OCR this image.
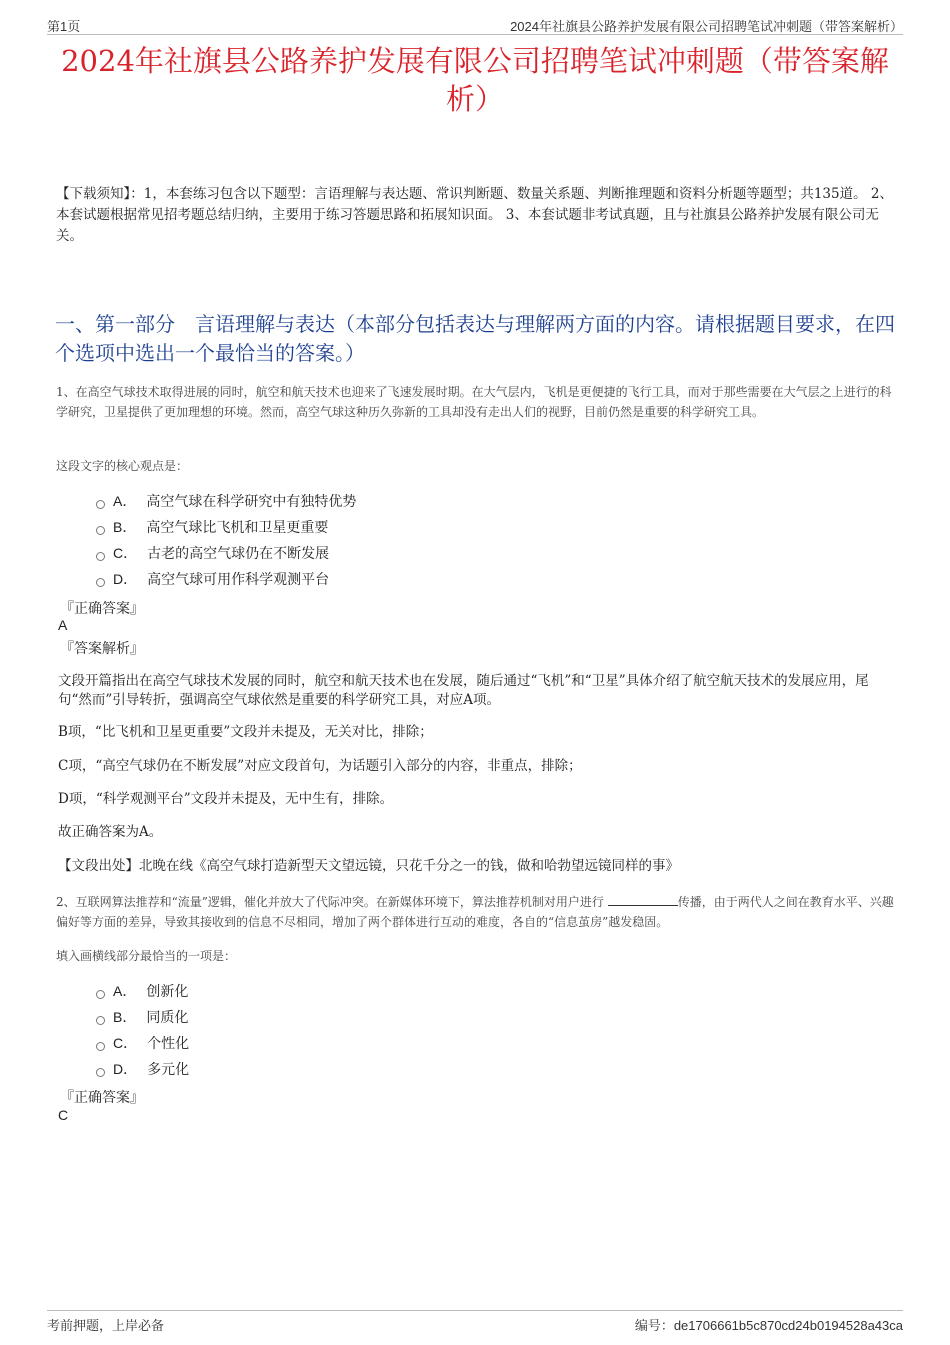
第1页	2024年社旗县公路养护发展有限公司招聘笔试冲刺题（带答案解析）
2024年社旗县公路养护发展有限公司招聘笔试冲刺题（带答案解析）
【下载须知】：1，本套练习包含以下题型：言语理解与表达题、常识判断题、数量关系题、判断推理题和资料分析题等题型；共135道。 2、本套试题根据常见招考题总结归纳，主要用于练习答题思路和拓展知识面。 3、本套试题非考试真题，且与社旗县公路养护发展有限公司无关。
一、第一部分　言语理解与表达（本部分包括表达与理解两方面的内容。请根据题目要求，在四个选项中选出一个最恰当的答案。）
1、在高空气球技术取得进展的同时，航空和航天技术也迎来了飞速发展时期。在大气层内，飞机是更便捷的飞行工具，而对于那些需要在大气层之上进行的科学研究，卫星提供了更加理想的环境。然而，高空气球这种历久弥新的工具却没有走出人们的视野，目前仍然是重要的科学研究工具。
这段文字的核心观点是：
A． 高空气球在科学研究中有独特优势
B． 高空气球比飞机和卫星更重要
C． 古老的高空气球仍在不断发展
D． 高空气球可用作科学观测平台
『正确答案』
A
『答案解析』
文段开篇指出在高空气球技术发展的同时，航空和航天技术也在发展，随后通过“飞机”和“卫星”具体介绍了航空航天技术的发展应用，尾句“然而”引导转折，强调高空气球依然是重要的科学研究工具，对应A项。
B项，“比飞机和卫星更重要”文段并未提及，无关对比，排除；
C项，“高空气球仍在不断发展”对应文段首句，为话题引入部分的内容，非重点，排除；
D项，“科学观测平台”文段并未提及，无中生有，排除。
故正确答案为A。
【文段出处】北晚在线《高空气球打造新型天文望远镜，只花千分之一的钱，做和哈勃望远镜同样的事》
2、互联网算法推荐和“流量”逻辑，催化并放大了代际冲突。在新媒体环境下，算法推荐机制对用户进行	传播，由于两代人之间在教育水平、兴趣偏好等方面的差异，导致其接收到的信息不尽相同，增加了两个群体进行互动的难度，各自的“信息茧房”越发稳固。
填入画横线部分最恰当的一项是：
A． 创新化
B． 同质化
C． 个性化
D． 多元化
『正确答案』
C
考前押题，上岸必备	编号：de1706661b5c870cd24b0194528a43ca
